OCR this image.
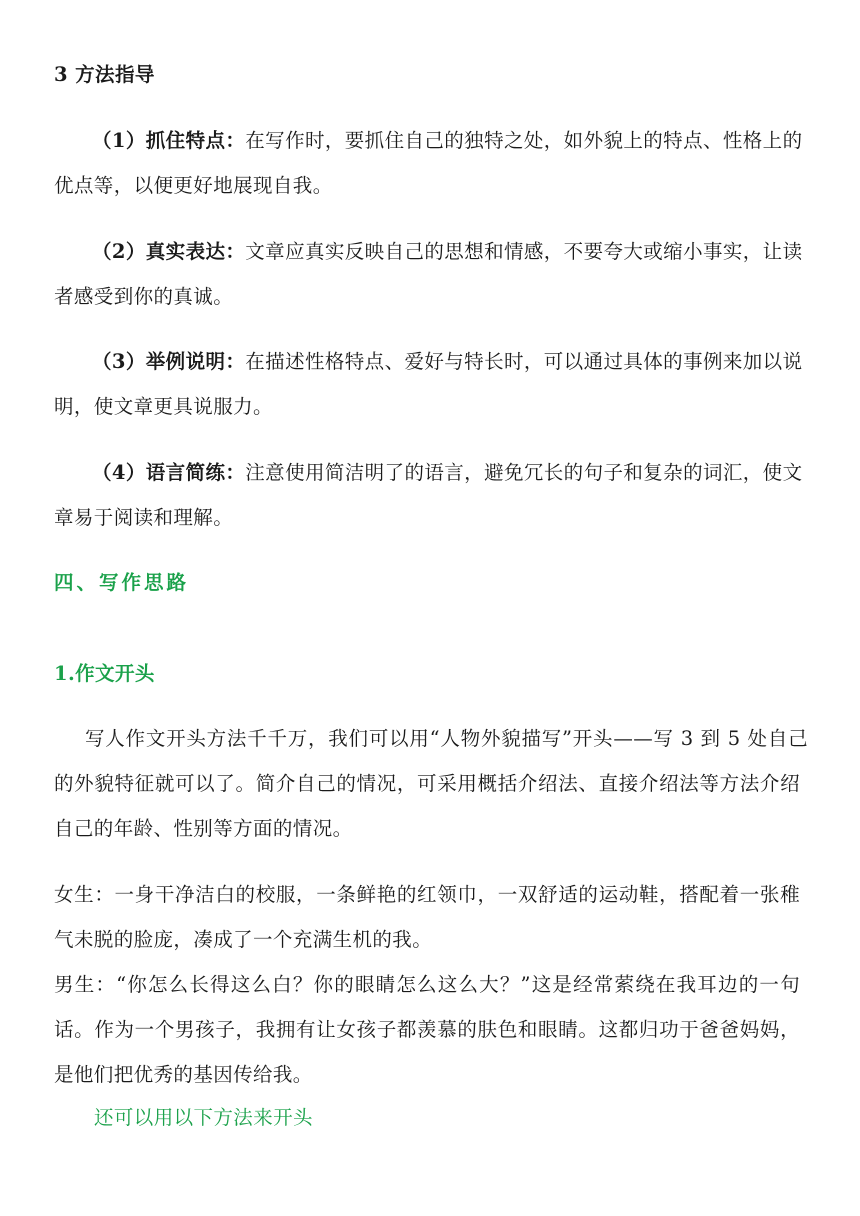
3 方法指导
（1）抓住特点：在写作时，要抓住自己的独特之处，如外貌上的特点、性格上的
优点等，以便更好地展现自我。
（2）真实表达：文章应真实反映自己的思想和情感，不要夸大或缩小事实，让读
者感受到你的真诚。
（3）举例说明：在描述性格特点、爱好与特长时，可以通过具体的事例来加以说
明，使文章更具说服力。
（4）语言简练：注意使用简洁明了的语言，避免冗长的句子和复杂的词汇，使文
章易于阅读和理解。
四、写作思路
1.作文开头
写人作文开头方法千千万，我们可以用“人物外貌描写”开头——写 3 到 5 处自己
的外貌特征就可以了。简介自己的情况，可采用概括介绍法、直接介绍法等方法介绍
自己的年龄、性别等方面的情况。
女生：一身干净洁白的校服，一条鲜艳的红领巾，一双舒适的运动鞋，搭配着一张稚
气未脱的脸庞，凑成了一个充满生机的我。
男生：“你怎么长得这么白？你的眼睛怎么这么大？”这是经常萦绕在我耳边的一句
话。作为一个男孩子，我拥有让女孩子都羡慕的肤色和眼睛。这都归功于爸爸妈妈，
是他们把优秀的基因传给我。
还可以用以下方法来开头
